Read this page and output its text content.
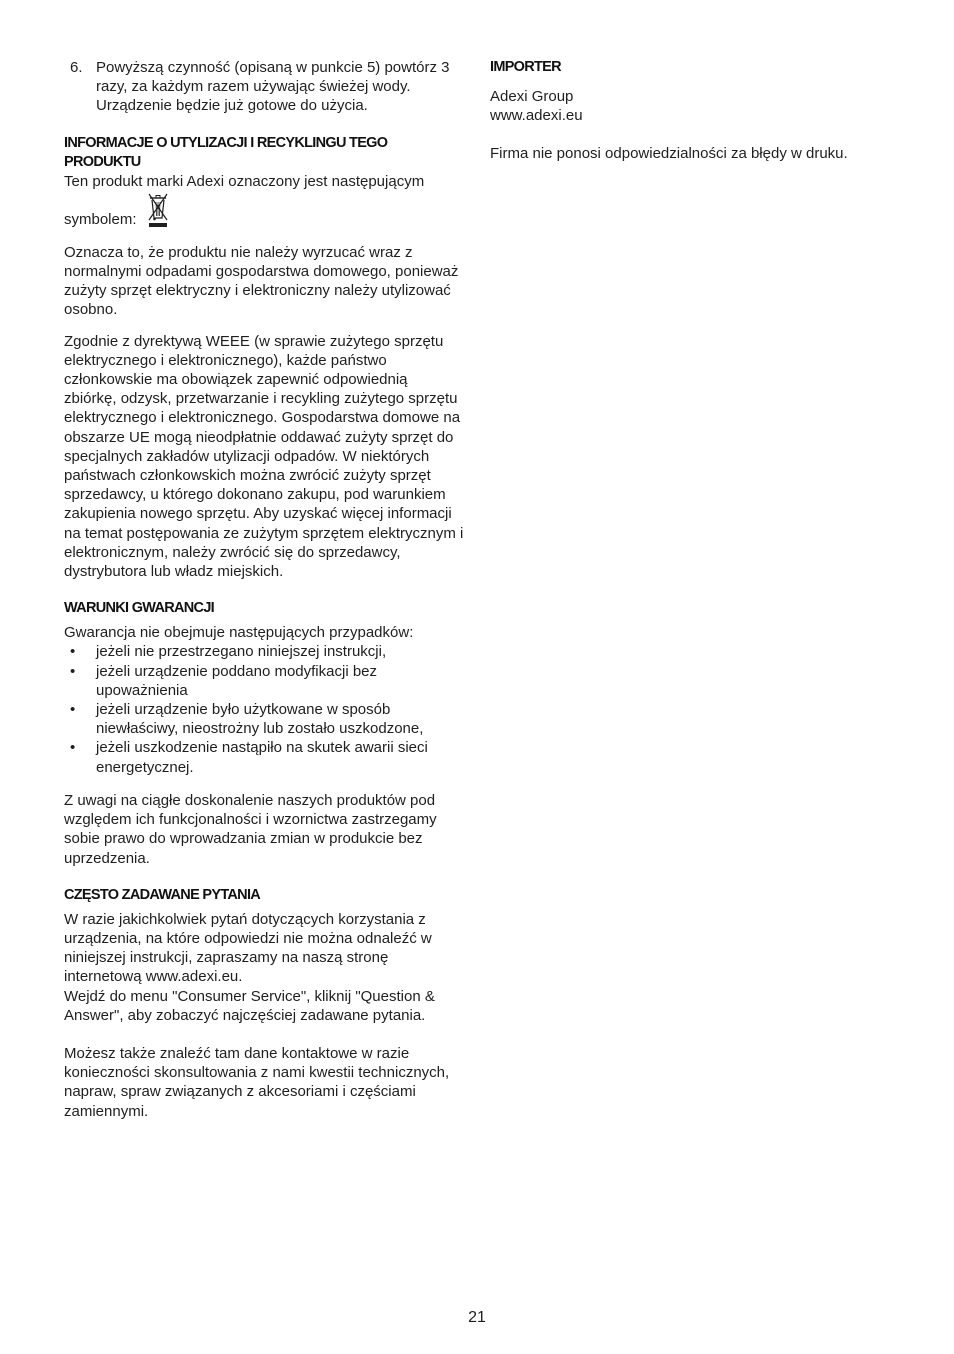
6. Powyższą czynność (opisaną w punkcie 5) powtórz 3 razy, za każdym razem używając świeżej wody. Urządzenie będzie już gotowe do użycia.

INFORMACJE O UTYLIZACJI I RECYKLINGU TEGO PRODUKTU

Ten produkt marki Adexi oznaczony jest następującym

symbolem:

Oznacza to, że produktu nie należy wyrzucać wraz z normalnymi odpadami gospodarstwa domowego, ponieważ zużyty sprzęt elektryczny i elektroniczny należy utylizować osobno.

Zgodnie z dyrektywą WEEE (w sprawie zużytego sprzętu elektrycznego i elektronicznego), każde państwo członkowskie ma obowiązek zapewnić odpowiednią zbiórkę, odzysk, przetwarzanie i recykling zużytego sprzętu elektrycznego i elektronicznego. Gospodarstwa domowe na obszarze UE mogą nieodpłatnie oddawać zużyty sprzęt do specjalnych zakładów utylizacji odpadów. W niektórych państwach członkowskich można zwrócić zużyty sprzęt sprzedawcy, u którego dokonano zakupu, pod warunkiem zakupienia nowego sprzętu. Aby uzyskać więcej informacji na temat postępowania ze zużytym sprzętem elektrycznym i elektronicznym, należy zwrócić się do sprzedawcy, dystrybutora lub władz miejskich.

WARUNKI GWARANCJI

Gwarancja nie obejmuje następujących przypadków:

•	jeżeli nie przestrzegano niniejszej instrukcji,
•	jeżeli urządzenie poddano modyfikacji bez upoważnienia
•	jeżeli urządzenie było użytkowane w sposób niewłaściwy, nieostrożny lub zostało uszkodzone,
•	jeżeli uszkodzenie nastąpiło na skutek awarii sieci energetycznej.

Z uwagi na ciągłe doskonalenie naszych produktów pod względem ich funkcjonalności i wzornictwa zastrzegamy sobie prawo do wprowadzania zmian w produkcie bez uprzedzenia.

CZĘSTO ZADAWANE PYTANIA

W razie jakichkolwiek pytań dotyczących korzystania z urządzenia, na które odpowiedzi nie można odnaleźć w niniejszej instrukcji, zapraszamy na naszą stronę internetową www.adexi.eu.

Wejdź do menu "Consumer Service", kliknij "Question & Answer", aby zobaczyć najczęściej zadawane pytania.

Możesz także znaleźć tam dane kontaktowe w razie konieczności skonsultowania z nami kwestii technicznych, napraw, spraw związanych z akcesoriami i częściami zamiennymi.

IMPORTER

Adexi Group

www.adexi.eu

Firma nie ponosi odpowiedzialności za błędy w druku.

21
